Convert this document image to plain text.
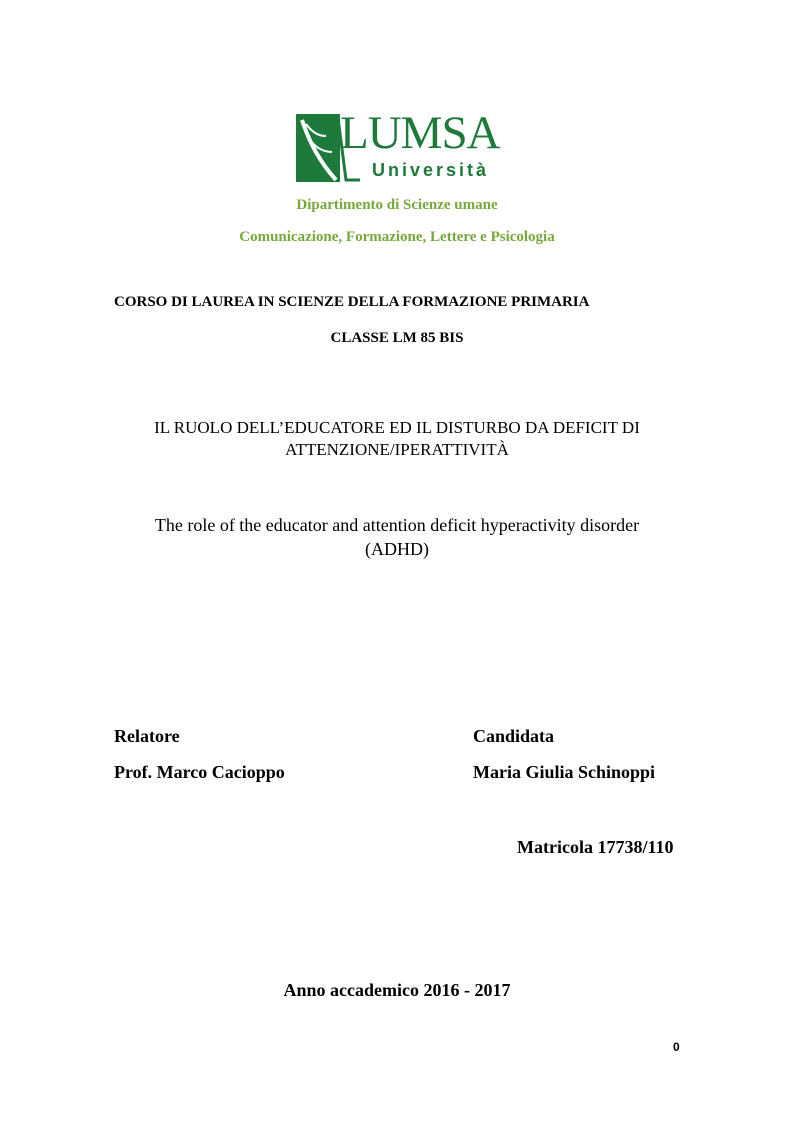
LUMSA
Università
Dipartimento di Scienze umane
Comunicazione, Formazione, Lettere e Psicologia
CORSO DI LAUREA IN SCIENZE DELLA FORMAZIONE PRIMARIA
CLASSE LM 85 BIS
IL RUOLO DELL’EDUCATORE ED IL DISTURBO DA DEFICIT DI
ATTENZIONE/IPERATTIVITÀ
The role of the educator and attention deficit hyperactivity disorder
(ADHD)
Relatore
Prof. Marco Cacioppo
Candidata
Maria Giulia Schinoppi
Matricola 17738/110
Anno accademico 2016 - 2017
0
